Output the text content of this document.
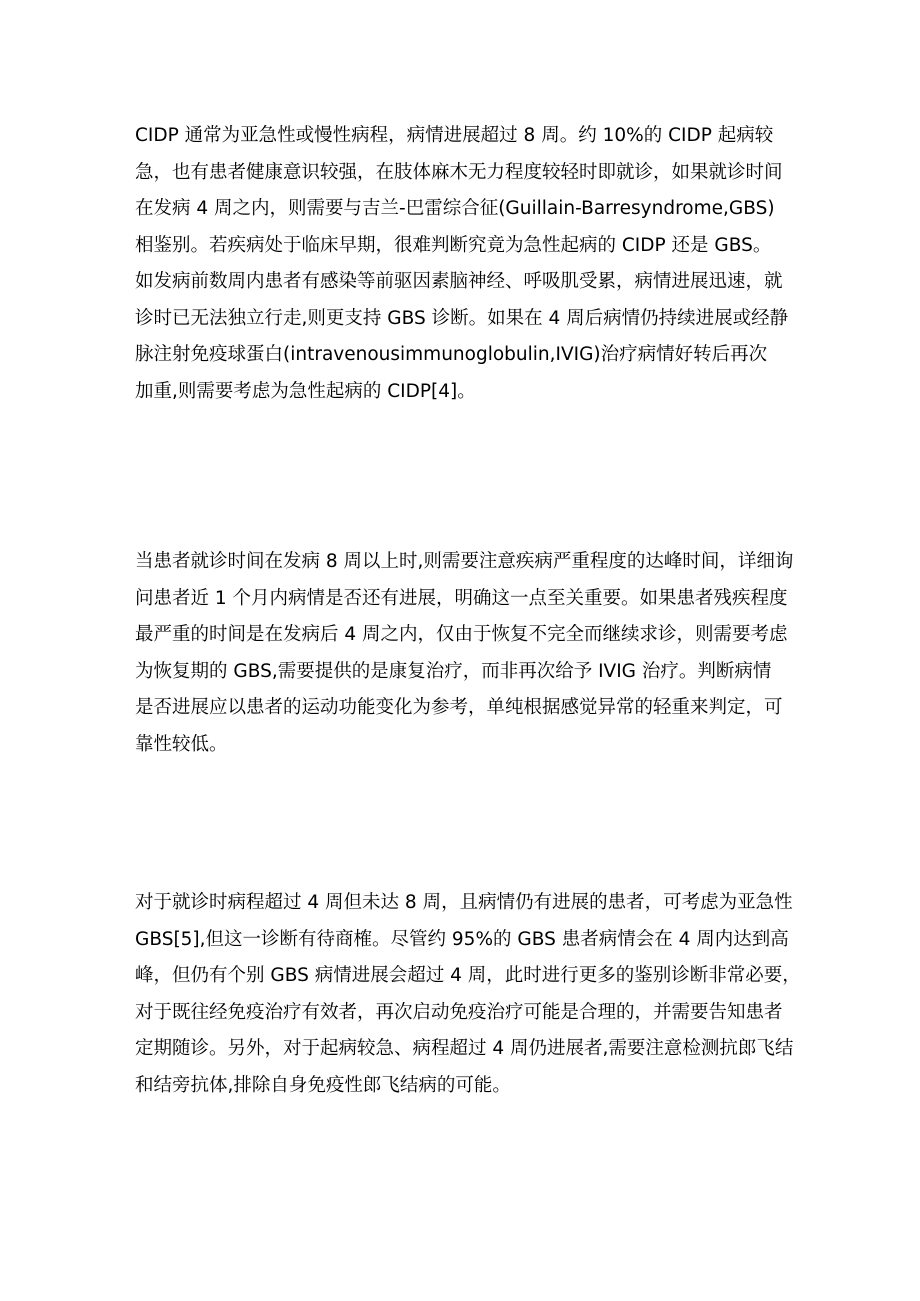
CIDP 通常为亚急性或慢性病程，病情进展超过 8 周。约 10%的 CIDP 起病较
急，也有患者健康意识较强，在肢体麻木无力程度较轻时即就诊，如果就诊时间
在发病 4 周之内，则需要与吉兰-巴雷综合征(Guillain-Barresyndrome,GBS)
相鉴别。若疾病处于临床早期，很难判断究竟为急性起病的 CIDP 还是 GBS。
如发病前数周内患者有感染等前驱因素脑神经、呼吸肌受累，病情进展迅速，就
诊时已无法独立行走,则更支持 GBS 诊断。如果在 4 周后病情仍持续进展或经静
脉注射免疫球蛋白(intravenousimmunoglobulin,IVIG)治疗病情好转后再次
加重,则需要考虑为急性起病的 CIDP[4]。
当患者就诊时间在发病 8 周以上时,则需要注意疾病严重程度的达峰时间，详细询
问患者近 1 个月内病情是否还有进展，明确这一点至关重要。如果患者残疾程度
最严重的时间是在发病后 4 周之内，仅由于恢复不完全而继续求诊，则需要考虑
为恢复期的 GBS,需要提供的是康复治疗，而非再次给予 IVIG 治疗。判断病情
是否进展应以患者的运动功能变化为参考，单纯根据感觉异常的轻重来判定，可
靠性较低。
对于就诊时病程超过 4 周但未达 8 周，且病情仍有进展的患者，可考虑为亚急性
GBS[5],但这一诊断有待商榷。尽管约 95%的 GBS 患者病情会在 4 周内达到高
峰，但仍有个别 GBS 病情进展会超过 4 周，此时进行更多的鉴别诊断非常必要，
对于既往经免疫治疗有效者，再次启动免疫治疗可能是合理的，并需要告知患者
定期随诊。另外，对于起病较急、病程超过 4 周仍进展者,需要注意检测抗郎飞结
和结旁抗体,排除自身免疫性郎飞结病的可能。
